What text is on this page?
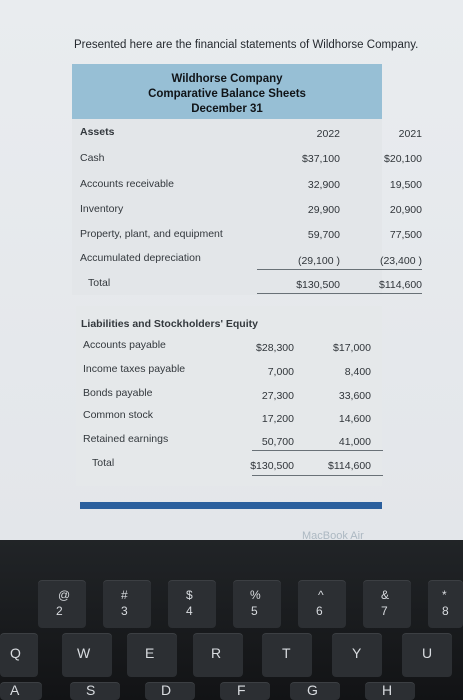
Presented here are the financial statements of Wildhorse Company.
Wildhorse Company
Comparative Balance Sheets
December 31
Assets	2022	2021
Cash	$37,100	$20,100
Accounts receivable	32,900	19,500
Inventory	29,900	20,900
Property, plant, and equipment	59,700	77,500
Accumulated depreciation	(29,100 )	(23,400 )
Total	$130,500	$114,600
Liabilities and Stockholders' Equity
Accounts payable	$28,300	$17,000
Income taxes payable	7,000	8,400
Bonds payable	27,300	33,600
Common stock	17,200	14,600
Retained earnings	50,700	41,000
Total	$130,500	$114,600
MacBook Air
@
2
#
3
$
4
%
5
^
6
&
7
*
8
Q	W	E	R	T	Y	U
A	S	D	F	G	H
